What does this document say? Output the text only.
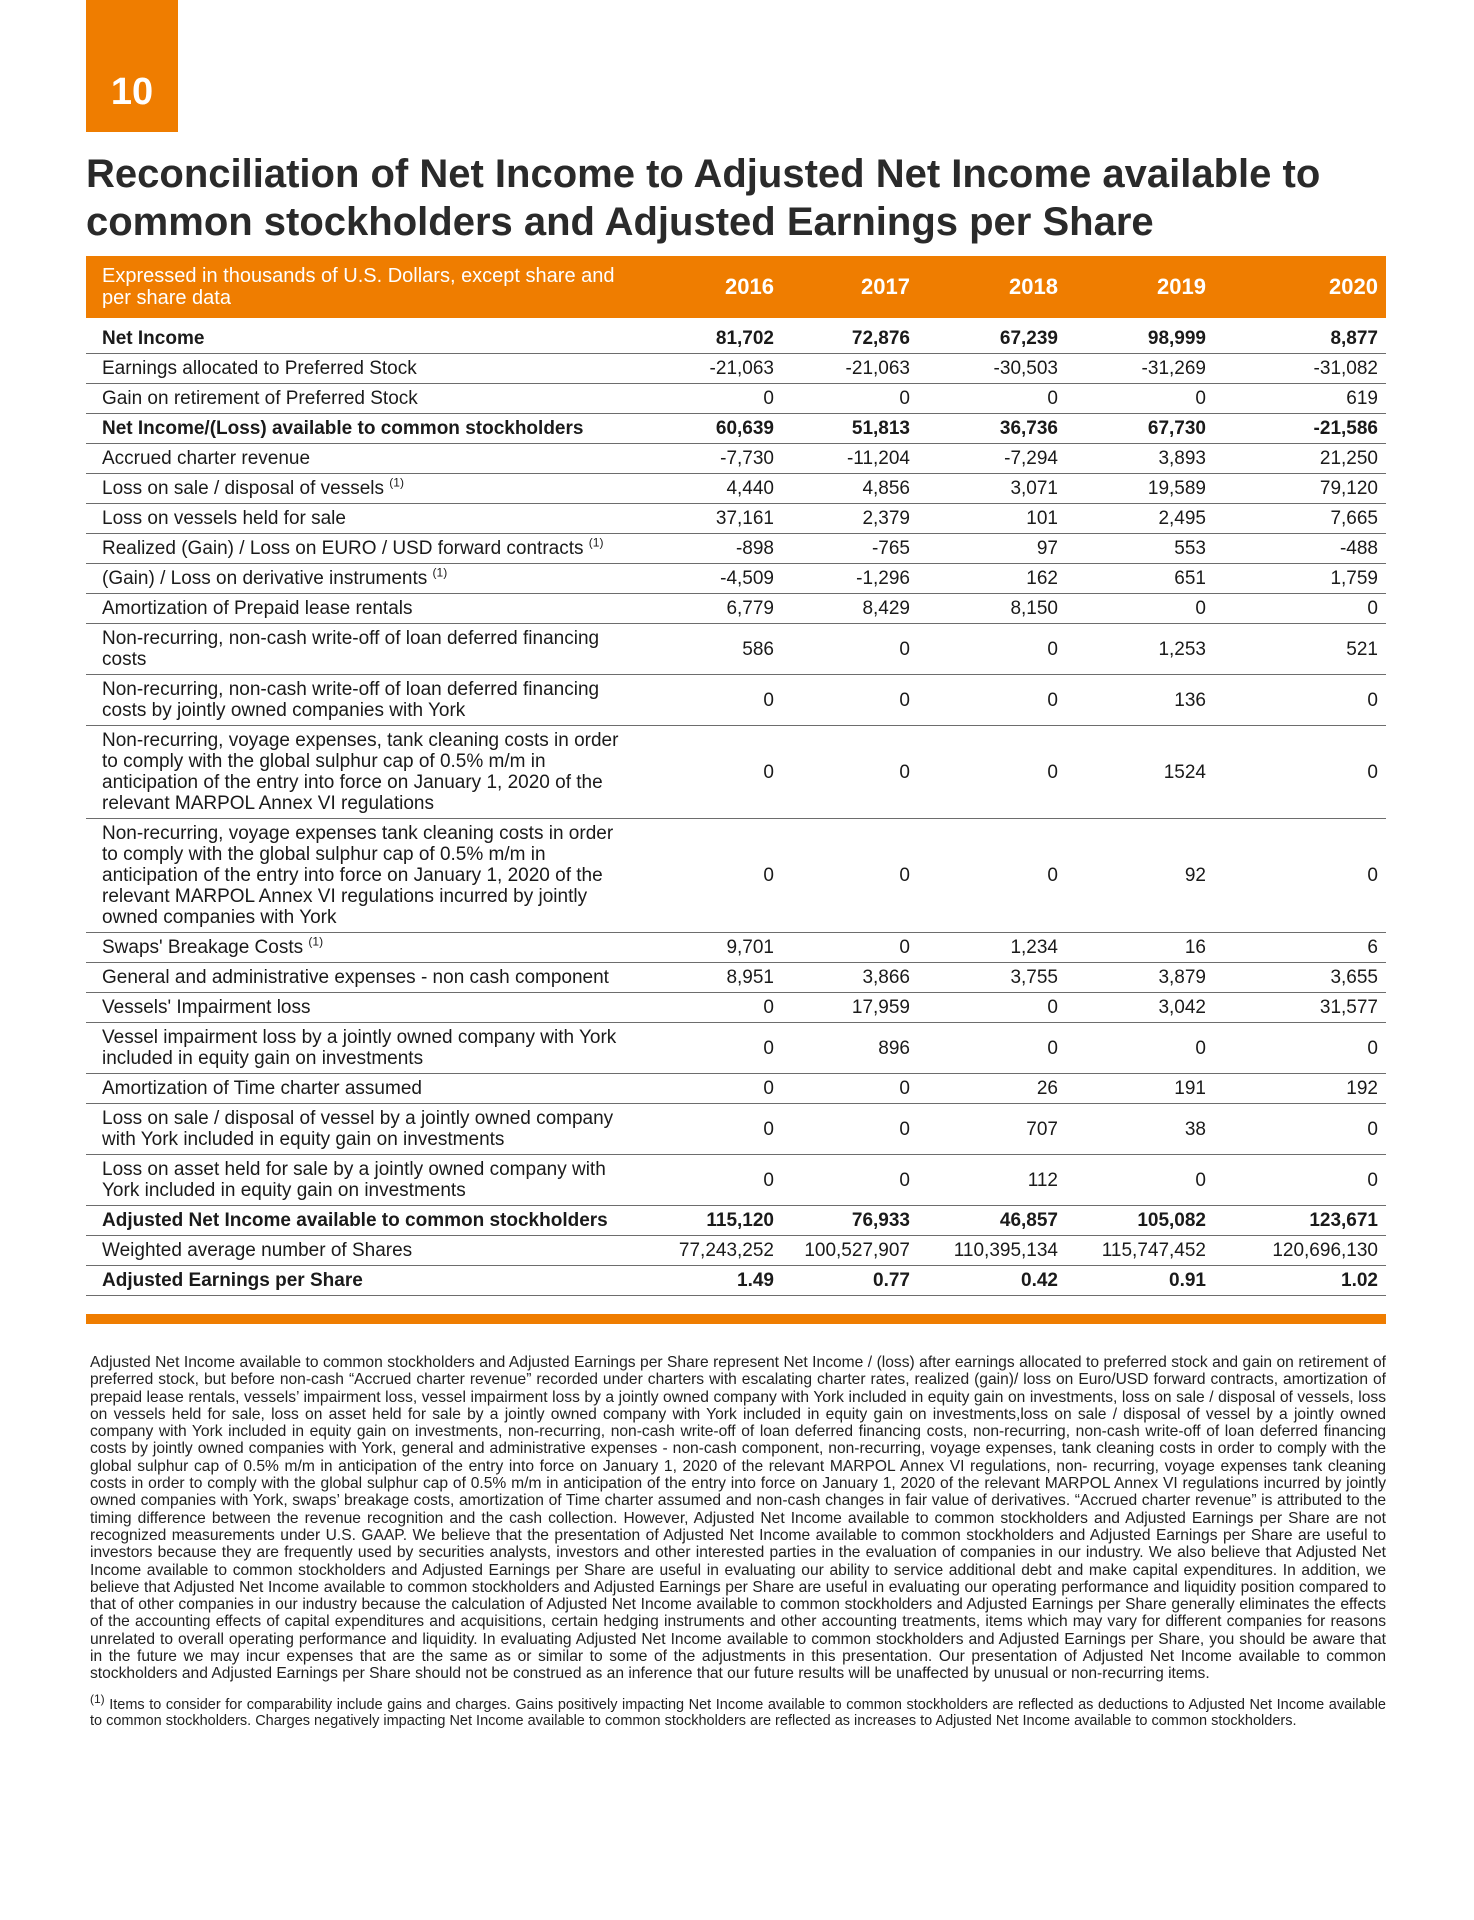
10
Reconciliation of Net Income to Adjusted Net Income available to common stockholders and Adjusted Earnings per Share
Expressed in thousands of U.S. Dollars, except share and per share data	2016	2017	2018	2019	2020
Net Income	81,702	72,876	67,239	98,999	8,877
Earnings allocated to Preferred Stock	-21,063	-21,063	-30,503	-31,269	-31,082
Gain on retirement of Preferred Stock	0	0	0	0	619
Net Income/(Loss) available to common stockholders	60,639	51,813	36,736	67,730	-21,586
Accrued charter revenue	-7,730	-11,204	-7,294	3,893	21,250
Loss on sale / disposal of vessels $^{(1)}$	4,440	4,856	3,071	19,589	79,120
Loss on vessels held for sale	37,161	2,379	101	2,495	7,665
Realized (Gain) / Loss on EURO / USD forward contracts $^{(1)}$	-898	-765	97	553	-488
(Gain) / Loss on derivative instruments $^{(1)}$	-4,509	-1,296	162	651	1,759
Amortization of Prepaid lease rentals	6,779	8,429	8,150	0	0
Non-recurring, non-cash write-off of loan deferred financing costs	586	0	0	1,253	521
Non-recurring, non-cash write-off of loan deferred financing costs by jointly owned companies with York	0	0	0	136	0
Non-recurring, voyage expenses, tank cleaning costs in order to comply with the global sulphur cap of 0.5% m/m in anticipation of the entry into force on January 1, 2020 of the relevant MARPOL Annex VI regulations	0	0	0	1524	0
Non-recurring, voyage expenses tank cleaning costs in order to comply with the global sulphur cap of 0.5% m/m in anticipation of the entry into force on January 1, 2020 of the relevant MARPOL Annex VI regulations incurred by jointly owned companies with York	0	0	0	92	0
Swaps' Breakage Costs $^{(1)}$	9,701	0	1,234	16	6
General and administrative expenses - non cash component	8,951	3,866	3,755	3,879	3,655
Vessels' Impairment loss	0	17,959	0	3,042	31,577
Vessel impairment loss by a jointly owned company with York included in equity gain on investments	0	896	0	0	0
Amortization of Time charter assumed	0	0	26	191	192
Loss on sale / disposal of vessel by a jointly owned company with York included in equity gain on investments	0	0	707	38	0
Loss on asset held for sale by a jointly owned company with York included in equity gain on investments	0	0	112	0	0
Adjusted Net Income available to common stockholders	115,120	76,933	46,857	105,082	123,671
Weighted average number of Shares	77,243,252	100,527,907	110,395,134	115,747,452	120,696,130
Adjusted Earnings per Share	1.49	0.77	0.42	0.91	1.02

Adjusted Net Income available to common stockholders and Adjusted Earnings per Share represent Net Income / (loss) after earnings allocated to preferred stock and gain on retirement of preferred stock, but before non-cash “Accrued charter revenue” recorded under charters with escalating charter rates, realized (gain)/ loss on Euro/USD forward contracts, amortization of prepaid lease rentals, vessels’ impairment loss, vessel impairment loss by a jointly owned company with York included in equity gain on investments, loss on sale / disposal of vessels, loss on vessels held for sale, loss on asset held for sale by a jointly owned company with York included in equity gain on investments,loss on sale / disposal of vessel by a jointly owned company with York included in equity gain on investments, non-recurring, non-cash write-off of loan deferred financing costs, non-recurring, non-cash write-off of loan deferred financing costs by jointly owned companies with York, general and administrative expenses - non-cash component, non-recurring, voyage expenses, tank cleaning costs in order to comply with the global sulphur cap of 0.5% m/m in anticipation of the entry into force on January 1, 2020 of the relevant MARPOL Annex VI regulations, non- recurring, voyage expenses tank cleaning costs in order to comply with the global sulphur cap of 0.5% m/m in anticipation of the entry into force on January 1, 2020 of the relevant MARPOL Annex VI regulations incurred by jointly owned companies with York, swaps’ breakage costs, amortization of Time charter assumed and non-cash changes in fair value of derivatives. “Accrued charter revenue” is attributed to the timing difference between the revenue recognition and the cash collection. However, Adjusted Net Income available to common stockholders and Adjusted Earnings per Share are not recognized measurements under U.S. GAAP. We believe that the presentation of Adjusted Net Income available to common stockholders and Adjusted Earnings per Share are useful to investors because they are frequently used by securities analysts, investors and other interested parties in the evaluation of companies in our industry. We also believe that Adjusted Net Income available to common stockholders and Adjusted Earnings per Share are useful in evaluating our ability to service additional debt and make capital expenditures. In addition, we believe that Adjusted Net Income available to common stockholders and Adjusted Earnings per Share are useful in evaluating our operating performance and liquidity position compared to that of other companies in our industry because the calculation of Adjusted Net Income available to common stockholders and Adjusted Earnings per Share generally eliminates the effects of the accounting effects of capital expenditures and acquisitions, certain hedging instruments and other accounting treatments, items which may vary for different companies for reasons unrelated to overall operating performance and liquidity. In evaluating Adjusted Net Income available to common stockholders and Adjusted Earnings per Share, you should be aware that in the future we may incur expenses that are the same as or similar to some of the adjustments in this presentation. Our presentation of Adjusted Net Income available to common stockholders and Adjusted Earnings per Share should not be construed as an inference that our future results will be unaffected by unusual or non-recurring items.

$^{(1)}$ Items to consider for comparability include gains and charges. Gains positively impacting Net Income available to common stockholders are reflected as deductions to Adjusted Net Income available to common stockholders. Charges negatively impacting Net Income available to common stockholders are reflected as increases to Adjusted Net Income available to common stockholders.
